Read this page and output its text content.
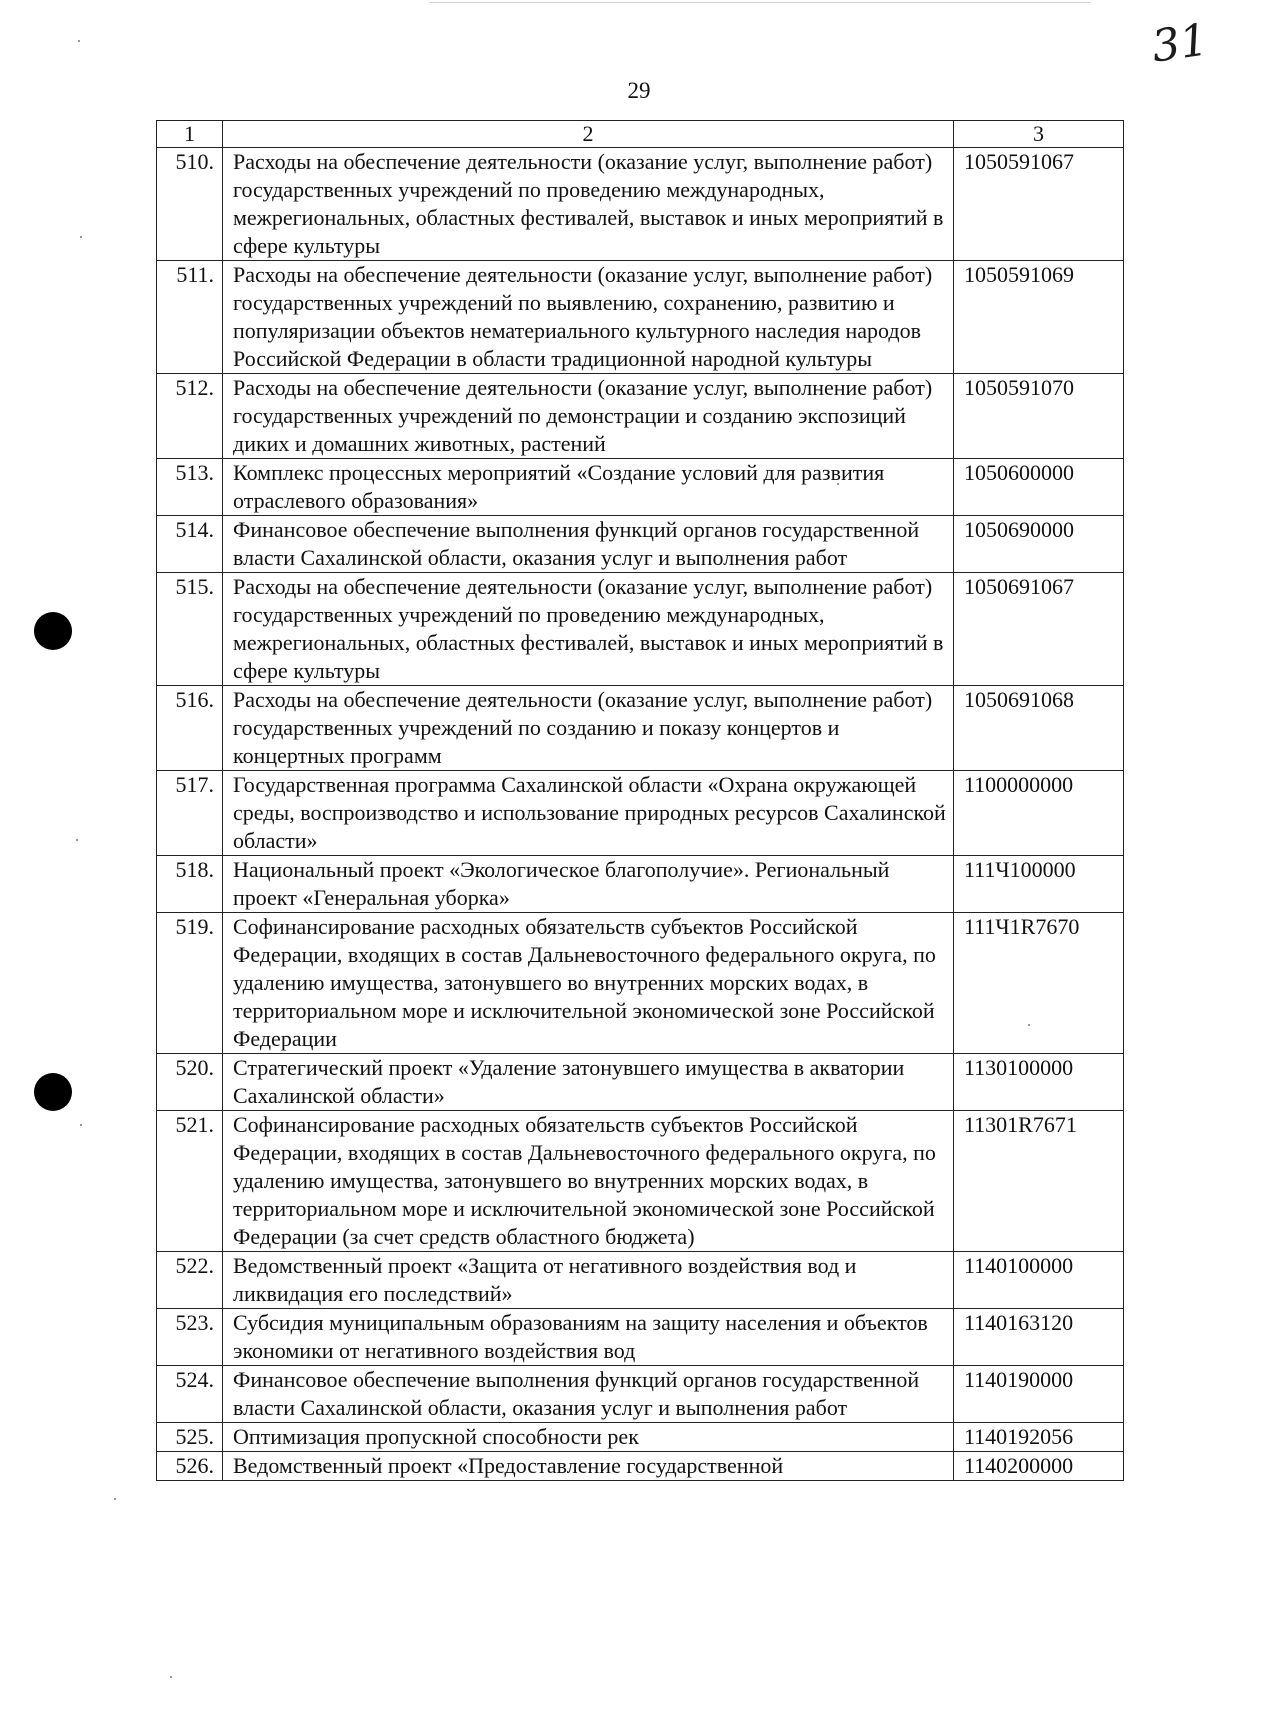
31
29
1	2	3
510.	Расходы на обеспечение деятельности (оказание услуг, выполнение работ) государственных учреждений по проведению международных, межрегиональных, областных фестивалей, выставок и иных мероприятий в сфере культуры	1050591067
511.	Расходы на обеспечение деятельности (оказание услуг, выполнение работ) государственных учреждений по выявлению, сохранению, развитию и популяризации объектов нематериального культурного наследия народов Российской Федерации в области традиционной народной культуры	1050591069
512.	Расходы на обеспечение деятельности (оказание услуг, выполнение работ) государственных учреждений по демонстрации и созданию экспозиций диких и домашних животных, растений	1050591070
513.	Комплекс процессных мероприятий «Создание условий для развития отраслевого образования»	1050600000
514.	Финансовое обеспечение выполнения функций органов государственной власти Сахалинской области, оказания услуг и выполнения работ	1050690000
515.	Расходы на обеспечение деятельности (оказание услуг, выполнение работ) государственных учреждений по проведению международных, межрегиональных, областных фестивалей, выставок и иных мероприятий в сфере культуры	1050691067
516.	Расходы на обеспечение деятельности (оказание услуг, выполнение работ) государственных учреждений по созданию и показу концертов и концертных программ	1050691068
517.	Государственная программа Сахалинской области «Охрана окружающей среды, воспроизводство и использование природных ресурсов Сахалинской области»	1100000000
518.	Национальный проект «Экологическое благополучие». Региональный проект «Генеральная уборка»	111Ч100000
519.	Софинансирование расходных обязательств субъектов Российской Федерации, входящих в состав Дальневосточного федерального округа, по удалению имущества, затонувшего во внутренних морских водах, в территориальном море и исключительной экономической зоне Российской Федерации	111Ч1R7670
520.	Стратегический проект «Удаление затонувшего имущества в акватории Сахалинской области»	1130100000
521.	Софинансирование расходных обязательств субъектов Российской Федерации, входящих в состав Дальневосточного федерального округа, по удалению имущества, затонувшего во внутренних морских водах, в территориальном море и исключительной экономической зоне Российской Федерации (за счет средств областного бюджета)	11301R7671
522.	Ведомственный проект «Защита от негативного воздействия вод и ликвидация его последствий»	1140100000
523.	Субсидия муниципальным образованиям на защиту населения и объектов экономики от негативного воздействия вод	1140163120
524.	Финансовое обеспечение выполнения функций органов государственной власти Сахалинской области, оказания услуг и выполнения работ	1140190000
525.	Оптимизация пропускной способности рек	1140192056
526.	Ведомственный проект «Предоставление государственной	1140200000
